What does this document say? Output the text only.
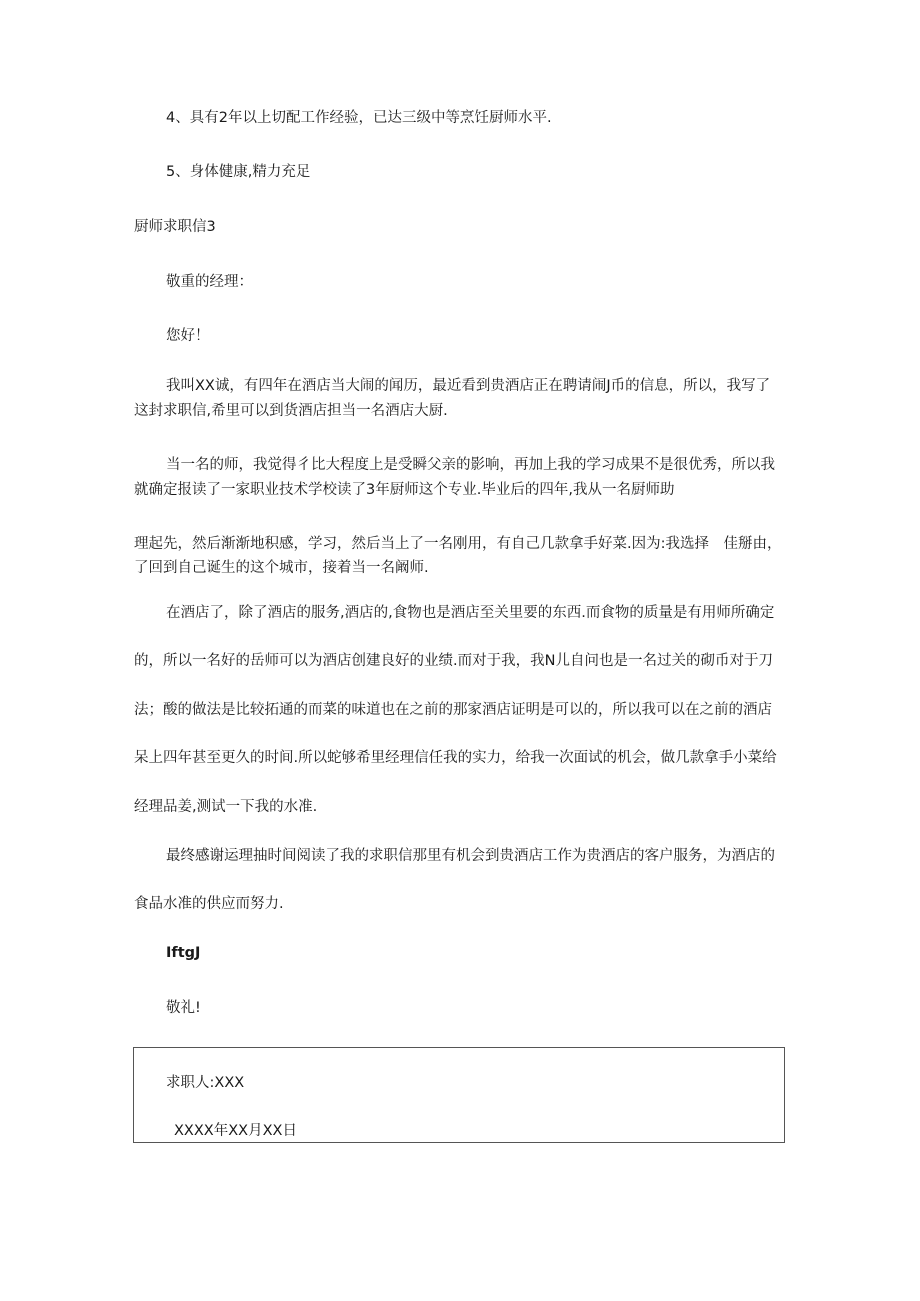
4、具有2年以上切配工作经验，已达三级中等烹饪厨师水平.
5、身体健康,精力充足
厨师求职信3
敬重的经理：
您好！
我叫XX诚，有四年在酒店当大闹的闻历，最近看到贵酒店正在聘请闹J币的信息，所以，我写了
这封求职信,希里可以到货酒店担当一名酒店大厨.
当一名的师，我觉得彳比大程度上是受瞬父亲的影响，再加上我的学习成果不是很优秀，所以我
就确定报读了一家职业技术学校读了3年厨师这个专业.毕业后的四年,我从一名厨师助
理起先，然后渐渐地积感，学习，然后当上了一名刚用，有自己几款拿手好菜.因为:我选择　佳掰由，
了回到自己诞生的这个城市，接着当一名阚师.
在酒店了，除了酒店的服务,酒店的,食物也是酒店至关里要的东西.而食物的质量是有用师所确定
的，所以一名好的岳师可以为酒店创建良好的业绩.而对于我，我N儿自问也是一名过关的砌币对于刀
法；酸的做法是比较拓通的而菜的味道也在之前的那家酒店证明是可以的，所以我可以在之前的酒店
呆上四年甚至更久的时间.所以蛇够希里经理信任我的实力，给我一次面试的机会，做几款拿手小菜给
经理品姜,测试一下我的水准.
最终感谢运理抽时间阅读了我的求职信那里有机会到贵酒店工作为贵酒店的客户服务，为酒店的
食品水准的供应而努力.
IftgJ
敬礼!
求职人:XXX
XXXX年XX月XX日
